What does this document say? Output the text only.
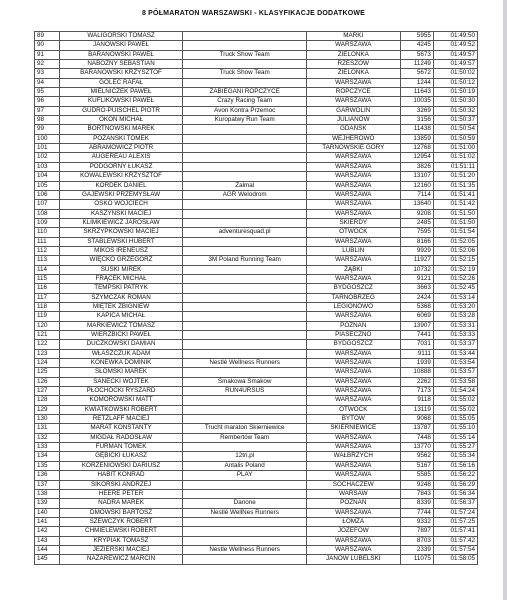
8 PÓŁMARATON WARSZAWSKI - KLASYFIKACJE DODATKOWE
89	WALIGÓRSKI TOMASZ		MARKI	5955	01:49:50
90	JANOWSKI PAWEŁ		WARSZAWA	4245	01:49:52
91	BARANOWSKI PAWEŁ	Truck Show Team	ZIELONKA	5673	01:49:57
92	NABOŻNY SEBASTIAN		RZESZÓW	11249	01:49:57
93	BARANOWSKI KRZYSZTOF	Truck Show Team	ZIELONKA	5672	01:50:02
94	GOLEC RAFAŁ		WARSZAWA	1244	01:50:12
95	MIELNICZEK PAWEŁ	ZABIEGANI ROPCZYCE	ROPCZYCE	11643	01:50:19
96	KUFLIKOWSKI PAWEŁ	Crazy Racing Team	WARSZAWA	10035	01:50:30
97	GUDRO-PUISCHEL PIOTR	Avon Kontra Przemoc	GARWOLIN	3269	01:50:32
98	OKON MICHAŁ	Kuropatwy Run Team	JULIANÓW	3156	01:50:37
99	BORTNOWSKI MAREK		GDAŃSK	11438	01:50:54
100	POZANSKI TOMEK		WEJHEROWO	13859	01:50:59
101	ABRAMOWICZ PIOTR		TARNOWSKIE GÓRY	12768	01:51:00
102	AUGEREAU ALEXIS		WARSZAWA	12954	01:51:02
103	PODGÓRNY ŁUKASZ		WARSZAWA	3826	01:51:11
104	KOWALEWSKI KRZYSZTOF		WARSZAWA	13107	01:51:20
105	KORDEK DANIEL	Żalmal	WARSZAWA	12160	01:51:35
106	GAJEWSKI PRZEMYSŁAW	AGR Welodrom	WARSZAWA	7114	01:51:41
107	OŚKO WOJCIECH		WARSZAWA	13640	01:51:42
108	KASZYŃSKI MACIEJ		WARSZAWA	9208	01:51:50
109	KLIMKIEWICZ JAROSŁAW		SKIERDY	2485	01:51:50
110	SKRZYPKOWSKI MACIEJ	adventuresquad.pl	OTWOCK	7595	01:51:54
111	STABLEWSKI HUBERT		WARSZAWA	8166	01:52:05
112	MIKOS IRENEUSZ		LUBLIN	9929	01:52:06
113	WIĘCKO GRZEGORZ	3M Poland Running Team	WARSZAWA	11927	01:52:15
114	SUSKI MIREK		ZĄBKI	10732	01:52:19
115	FRĄCEK MICHAŁ		WARSZAWA	9121	01:52:26
116	TEMPSKI PATRYK		BYDGOSZCZ	3663	01:52:45
117	SZYMCZAK ROMAN		TARNOBRZEG	2424	01:53:14
118	MIĘTEK ZBIGNIEW		LEGIONOWO	5368	01:53:20
119	KAPICA MICHAŁ		WARSZAWA	6069	01:53:28
120	MARKIEWICZ TOMASZ		POZNAŃ	13907	01:53:31
121	WIERZBICKI PAWEŁ		PIASECZNO	7441	01:53:33
122	DUCZKOWSKI DAMIAN		BYDGOSZCZ	7031	01:53:37
123	WŁASZCZUK ADAM		WARSZAWA	9111	01:53:44
124	KONEWKA DOMINIK	Nestlé Wellness Runners	WARSZAWA	1939	01:53:54
125	SŁOMSKI MAREK		WARSZAWA	10888	01:53:57
126	SANECKI WOJTEK	Smakowa Smakow	WARSZAWA	2262	01:53:58
127	PŁOCHOCKI RYSZARD	RUN4URSUS	WARSZAWA	7173	01:54:24
128	KOMOROWSKI MATT		WARSZAWA	9118	01:55:02
129	KWIATKOWSKI ROBERT		OTWOCK	13119	01:55:02
130	RETZLAFF MACIEJ		BYTÓW	9068	01:55:05
131	MARAT KONSTANTY	Trucht maraton Skierniewice	SKIERNIEWICE	13787	01:55:10
132	MIGDAŁ RADOSŁAW	Rembertów Team	WARSZAWA	7448	01:55:14
133	FURMAN TOMEK		WARSZAWA	13770	01:55:27
134	GĘBICKI ŁUKASZ	12tri.pl	WAŁBRZYCH	9562	01:55:34
135	KORZENIOWSKI DARIUSZ	Antalis Poland	WARSZAWA	5167	01:56:16
136	HABIT KONRAD	PLAY	WARSZAWA	5585	01:56:22
137	SIKORSKI ANDRZEJ		SOCHACZEW	9248	01:56:29
138	HEERE PETER		WARSAW	7843	01:56:34
139	NADRA MAREK	Danone	POZNAŃ	8339	01:56:37
140	DMOWSKI BARTOSZ	Nestlé WellNes Runners	WARSZAWA	7744	01:57:24
141	SZEWCZYK ROBERT		ŁOMŻA	9332	01:57:25
142	CHMIELEWSKI ROBERT		JÓZEFÓW	7897	01:57:41
143	KRYPIAK TOMASZ		WARSZAWA	8703	01:57:42
144	JEZIERSKI MACIEJ	Nestle Wellness Runners	WARSZAWA	2339	01:57:54
145	NAZAREWICZ MARCIN		JANÓW LUBELSKI	11075	01:58:05
